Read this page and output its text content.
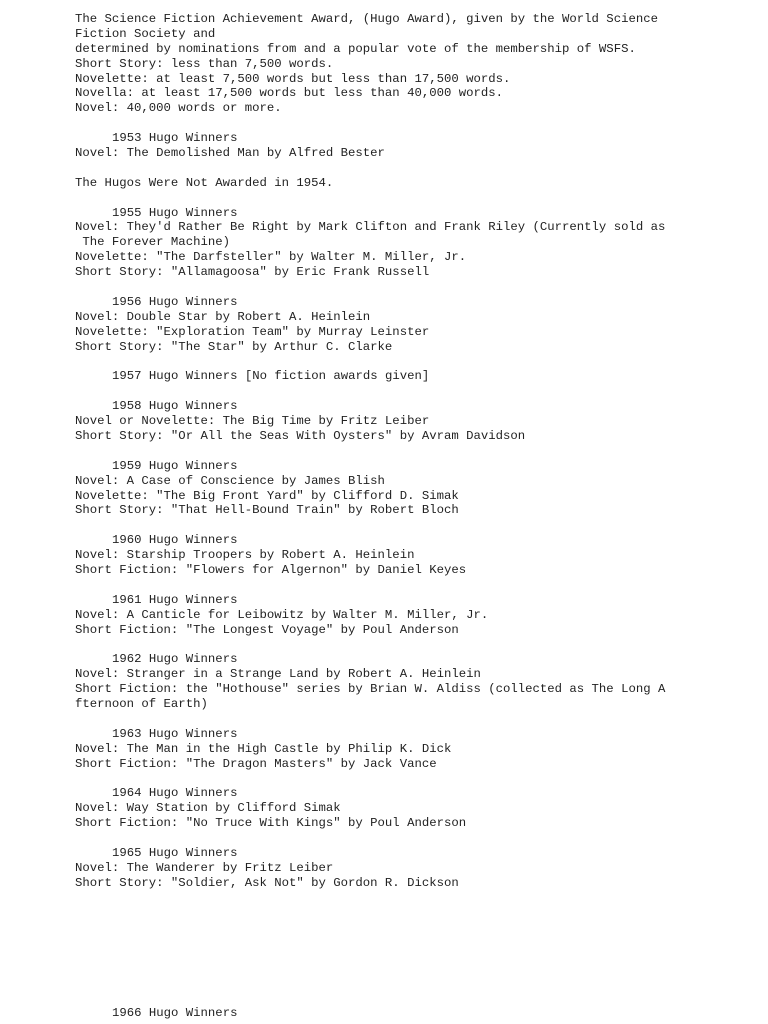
The Science Fiction Achievement Award, (Hugo Award), given by the World Science
Fiction Society and
determined by nominations from and a popular vote of the membership of WSFS.
Short Story: less than 7,500 words.
Novelette: at least 7,500 words but less than 17,500 words.
Novella: at least 17,500 words but less than 40,000 words.
Novel: 40,000 words or more.
1953 Hugo Winners
Novel: The Demolished Man by Alfred Bester
The Hugos Were Not Awarded in 1954.
1955 Hugo Winners
Novel: They'd Rather Be Right by Mark Clifton and Frank Riley (Currently sold as
The Forever Machine)
Novelette: "The Darfsteller" by Walter M. Miller, Jr.
Short Story: "Allamagoosa" by Eric Frank Russell
1956 Hugo Winners
Novel: Double Star by Robert A. Heinlein
Novelette: "Exploration Team" by Murray Leinster
Short Story: "The Star" by Arthur C. Clarke
1957 Hugo Winners [No fiction awards given]
1958 Hugo Winners
Novel or Novelette: The Big Time by Fritz Leiber
Short Story: "Or All the Seas With Oysters" by Avram Davidson
1959 Hugo Winners
Novel: A Case of Conscience by James Blish
Novelette: "The Big Front Yard" by Clifford D. Simak
Short Story: "That Hell-Bound Train" by Robert Bloch
1960 Hugo Winners
Novel: Starship Troopers by Robert A. Heinlein
Short Fiction: "Flowers for Algernon" by Daniel Keyes
1961 Hugo Winners
Novel: A Canticle for Leibowitz by Walter M. Miller, Jr.
Short Fiction: "The Longest Voyage" by Poul Anderson
1962 Hugo Winners
Novel: Stranger in a Strange Land by Robert A. Heinlein
Short Fiction: the "Hothouse" series by Brian W. Aldiss (collected as The Long A
fternoon of Earth)
1963 Hugo Winners
Novel: The Man in the High Castle by Philip K. Dick
Short Fiction: "The Dragon Masters" by Jack Vance
1964 Hugo Winners
Novel: Way Station by Clifford Simak
Short Fiction: "No Truce With Kings" by Poul Anderson
1965 Hugo Winners
Novel: The Wanderer by Fritz Leiber
Short Story: "Soldier, Ask Not" by Gordon R. Dickson
1966 Hugo Winners
